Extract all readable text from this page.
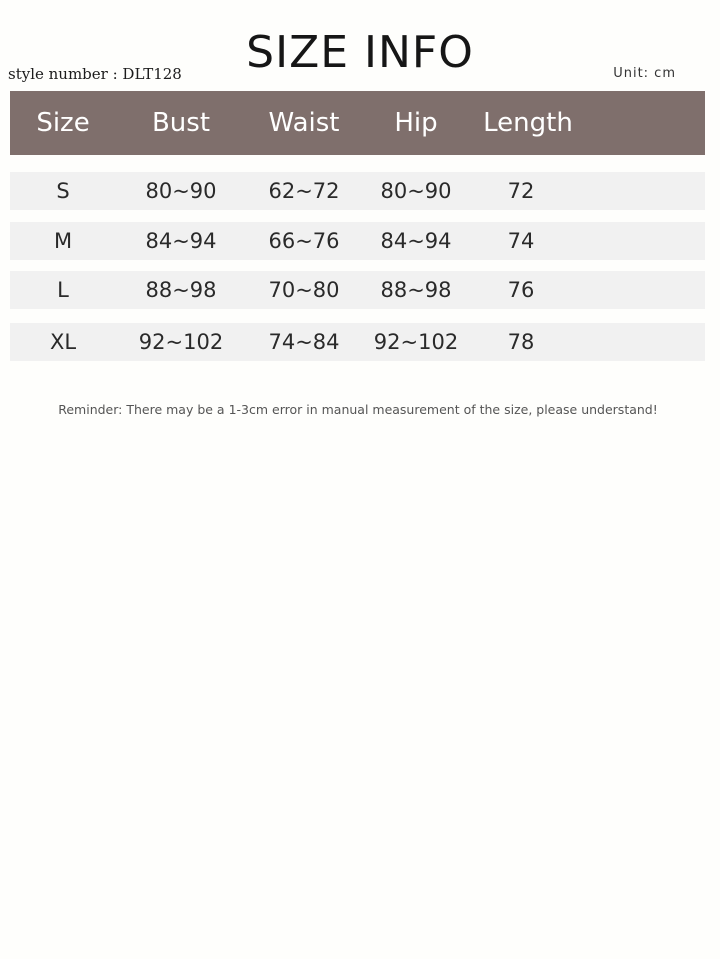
SIZE INFO
style number : DLT128	Unit: cm
Size Bust Waist Hip Length
S	80~90 62~72 80~90	72
M	84~94 66~76 84~94	74
L	88~98 70~80 88~98	76
XL	92~102 74~84 92~102 78
Reminder: There may be a 1-3cm error in manual measurement of the size, please understand!
